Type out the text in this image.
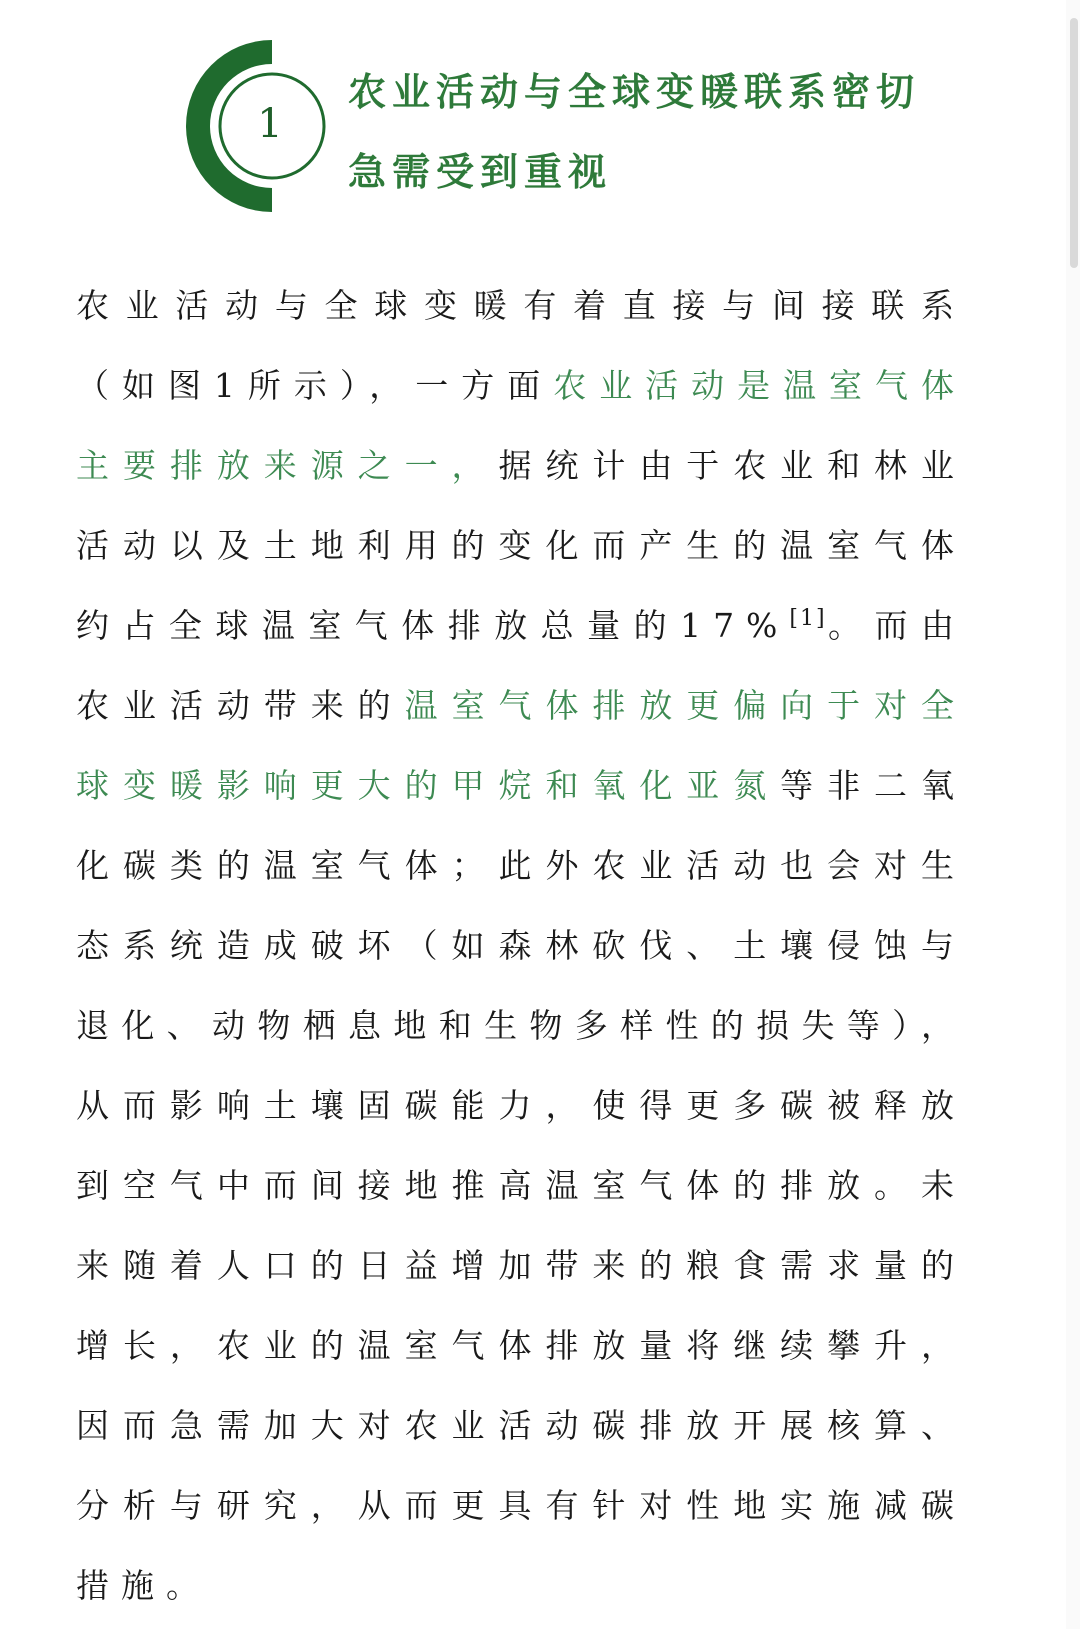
1
农业活动与全球变暖联系密切
急需受到重视
农业活动与全球变暖有着直接与间接联系（如图1所示），一方面农业活动是温室气体主要排放来源之一，据统计由于农业和林业活动以及土地利用的变化而产生的温室气体约占全球温室气体排放总量的17%[1]。而由农业活动带来的温室气体排放更偏向于对全球变暖影响更大的甲烷和氧化亚氮等非二氧化碳类的温室气体；此外农业活动也会对生态系统造成破坏（如森林砍伐、土壤侵蚀与退化、动物栖息地和生物多样性的损失等），从而影响土壤固碳能力，使得更多碳被释放到空气中而间接地推高温室气体的排放。未来随着人口的日益增加带来的粮食需求量的增长，农业的温室气体排放量将继续攀升，因而急需加大对农业活动碳排放开展核算、分析与研究，从而更具有针对性地实施减碳措施。
